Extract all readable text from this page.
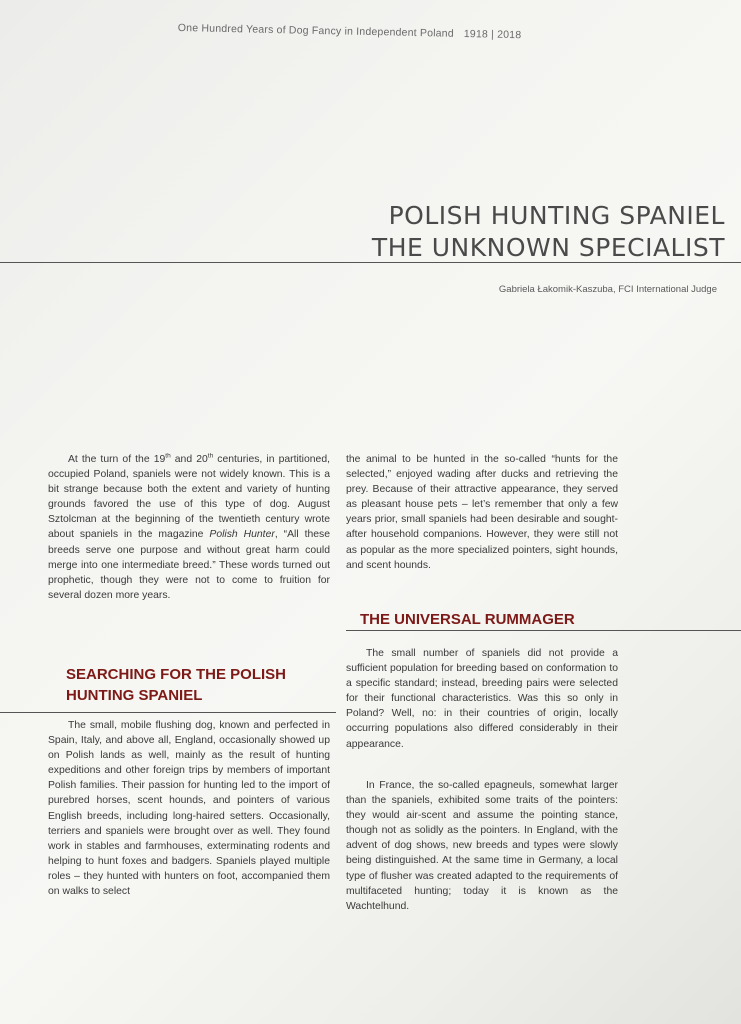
One Hundred Years of Dog Fancy in Independent Poland 1918 | 2018
POLISH HUNTING SPANIEL
THE UNKNOWN SPECIALIST
Gabriela Łakomik-Kaszuba, FCI International Judge

At the turn of the 19th and 20th centuries, in partitioned, occupied Poland, spaniels were not widely known. This is a bit strange because both the extent and variety of hunting grounds favored the use of this type of dog. August Sztolcman at the beginning of the twentieth century wrote about spaniels in the magazine Polish Hunter, “All these breeds serve one purpose and without great harm could merge into one intermediate breed.” These words turned out prophetic, though they were not to come to fruition for several dozen more years.

SEARCHING FOR THE POLISH
HUNTING SPANIEL

The small, mobile flushing dog, known and perfected in Spain, Italy, and above all, England, occasionally showed up on Polish lands as well, mainly as the result of hunting expeditions and other foreign trips by members of important Polish families. Their passion for hunting led to the import of purebred horses, scent hounds, and pointers of various English breeds, including long-haired setters. Occasionally, terriers and spaniels were brought over as well. They found work in stables and farmhouses, exterminating rodents and helping to hunt foxes and badgers. Spaniels played multiple roles – they hunted with hunters on foot, accompanied them on walks to select

the animal to be hunted in the so-called “hunts for the selected,” enjoyed wading after ducks and retrieving the prey. Because of their attractive appearance, they served as pleasant house pets – let’s remember that only a few years prior, small spaniels had been desirable and sought-after household companions. However, they were still not as popular as the more specialized pointers, sight hounds, and scent hounds.

THE UNIVERSAL RUMMAGER

The small number of spaniels did not provide a sufficient population for breeding based on conformation to a specific standard; instead, breeding pairs were selected for their functional characteristics. Was this so only in Poland? Well, no: in their countries of origin, locally occurring populations also differed considerably in their appearance.

In France, the so-called epagneuls, somewhat larger than the spaniels, exhibited some traits of the pointers: they would air-scent and assume the pointing stance, though not as solidly as the pointers. In England, with the advent of dog shows, new breeds and types were slowly being distinguished. At the same time in Germany, a local type of flusher was created adapted to the requirements of multifaceted hunting; today it is known as the Wachtelhund.
